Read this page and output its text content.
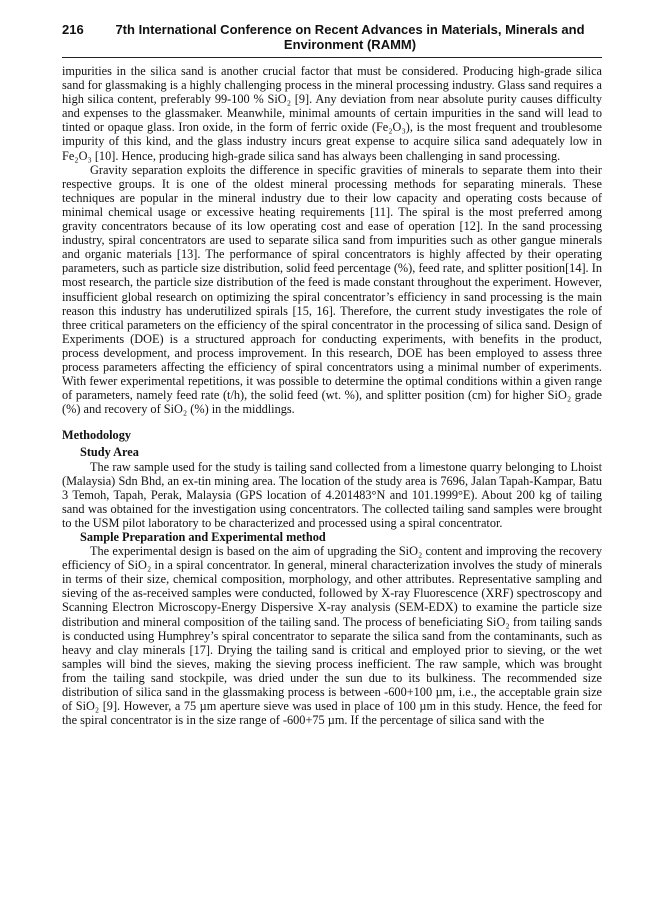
216	7th International Conference on Recent Advances in Materials, Minerals and Environment (RAMM)

impurities in the silica sand is another crucial factor that must be considered. Producing high-grade silica sand for glassmaking is a highly challenging process in the mineral processing industry. Glass sand requires a high silica content, preferably 99-100 % SiO₂ [9]. Any deviation from near absolute purity causes difficulty and expenses to the glassmaker. Meanwhile, minimal amounts of certain impurities in the sand will lead to tinted or opaque glass. Iron oxide, in the form of ferric oxide (Fe₂O₃), is the most frequent and troublesome impurity of this kind, and the glass industry incurs great expense to acquire silica sand adequately low in Fe₂O₃ [10]. Hence, producing high-grade silica sand has always been challenging in sand processing.

Gravity separation exploits the difference in specific gravities of minerals to separate them into their respective groups. It is one of the oldest mineral processing methods for separating minerals. These techniques are popular in the mineral industry due to their low capacity and operating costs because of minimal chemical usage or excessive heating requirements [11]. The spiral is the most preferred among gravity concentrators because of its low operating cost and ease of operation [12]. In the sand processing industry, spiral concentrators are used to separate silica sand from impurities such as other gangue minerals and organic materials [13]. The performance of spiral concentrators is highly affected by their operating parameters, such as particle size distribution, solid feed percentage (%), feed rate, and splitter position[14]. In most research, the particle size distribution of the feed is made constant throughout the experiment. However, insufficient global research on optimizing the spiral concentrator’s efficiency in sand processing is the main reason this industry has underutilized spirals [15, 16]. Therefore, the current study investigates the role of three critical parameters on the efficiency of the spiral concentrator in the processing of silica sand. Design of Experiments (DOE) is a structured approach for conducting experiments, with benefits in the product, process development, and process improvement. In this research, DOE has been employed to assess three process parameters affecting the efficiency of spiral concentrators using a minimal number of experiments. With fewer experimental repetitions, it was possible to determine the optimal conditions within a given range of parameters, namely feed rate (t/h), the solid feed (wt. %), and splitter position (cm) for higher SiO₂ grade (%) and recovery of SiO₂ (%) in the middlings.

Methodology

Study Area

The raw sample used for the study is tailing sand collected from a limestone quarry belonging to Lhoist (Malaysia) Sdn Bhd, an ex-tin mining area. The location of the study area is 7696, Jalan Tapah-Kampar, Batu 3 Temoh, Tapah, Perak, Malaysia (GPS location of 4.201483°N and 101.1999°E). About 200 kg of tailing sand was obtained for the investigation using concentrators. The collected tailing sand samples were brought to the USM pilot laboratory to be characterized and processed using a spiral concentrator.

Sample Preparation and Experimental method

The experimental design is based on the aim of upgrading the SiO₂ content and improving the recovery efficiency of SiO₂ in a spiral concentrator. In general, mineral characterization involves the study of minerals in terms of their size, chemical composition, morphology, and other attributes. Representative sampling and sieving of the as-received samples were conducted, followed by X-ray Fluorescence (XRF) spectroscopy and Scanning Electron Microscopy-Energy Dispersive X-ray analysis (SEM-EDX) to examine the particle size distribution and mineral composition of the tailing sand. The process of beneficiating SiO₂ from tailing sands is conducted using Humphrey’s spiral concentrator to separate the silica sand from the contaminants, such as heavy and clay minerals [17]. Drying the tailing sand is critical and employed prior to sieving, or the wet samples will bind the sieves, making the sieving process inefficient. The raw sample, which was brought from the tailing sand stockpile, was dried under the sun due to its bulkiness. The recommended size distribution of silica sand in the glassmaking process is between -600+100 µm, i.e., the acceptable grain size of SiO₂ [9]. However, a 75 µm aperture sieve was used in place of 100 µm in this study. Hence, the feed for the spiral concentrator is in the size range of -600+75 µm. If the percentage of silica sand with the
